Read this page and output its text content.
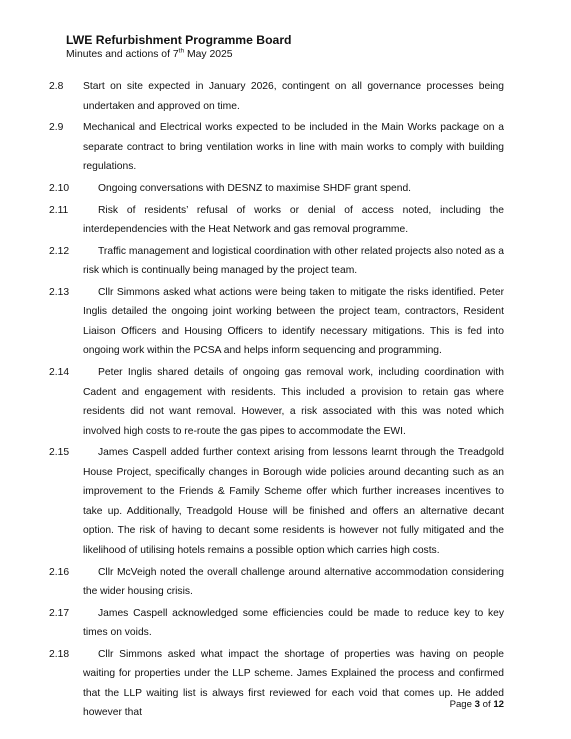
LWE Refurbishment Programme Board

Minutes and actions of 7th May 2025

2.8 Start on site expected in January 2026, contingent on all governance processes being undertaken and approved on time.

2.9 Mechanical and Electrical works expected to be included in the Main Works package on a separate contract to bring ventilation works in line with main works to comply with building regulations.

2.10	Ongoing conversations with DESNZ to maximise SHDF grant spend.

2.11	Risk of residents’ refusal of works or denial of access noted, including the interdependencies with the Heat Network and gas removal programme.

2.12	Traffic management and logistical coordination with other related projects also noted as a risk which is continually being managed by the project team.

2.13	Cllr Simmons asked what actions were being taken to mitigate the risks identified. Peter Inglis detailed the ongoing joint working between the project team, contractors, Resident Liaison Officers and Housing Officers to identify necessary mitigations. This is fed into ongoing work within the PCSA and helps inform sequencing and programming.

2.14	Peter Inglis shared details of ongoing gas removal work, including coordination with Cadent and engagement with residents. This included a provision to retain gas where residents did not want removal. However, a risk associated with this was noted which involved high costs to re-route the gas pipes to accommodate the EWI.

2.15	James Caspell added further context arising from lessons learnt through the Treadgold House Project, specifically changes in Borough wide policies around decanting such as an improvement to the Friends & Family Scheme offer which further increases incentives to take up. Additionally, Treadgold House will be finished and offers an alternative decant option. The risk of having to decant some residents is however not fully mitigated and the likelihood of utilising hotels remains a possible option which carries high costs.

2.16	Cllr McVeigh noted the overall challenge around alternative accommodation considering the wider housing crisis.

2.17	James Caspell acknowledged some efficiencies could be made to reduce key to key times on voids.

2.18	Cllr Simmons asked what impact the shortage of properties was having on people waiting for properties under the LLP scheme. James Explained the process and confirmed that the LLP waiting list is always first reviewed for each void that comes up. He added however that

Page 3 of 12
